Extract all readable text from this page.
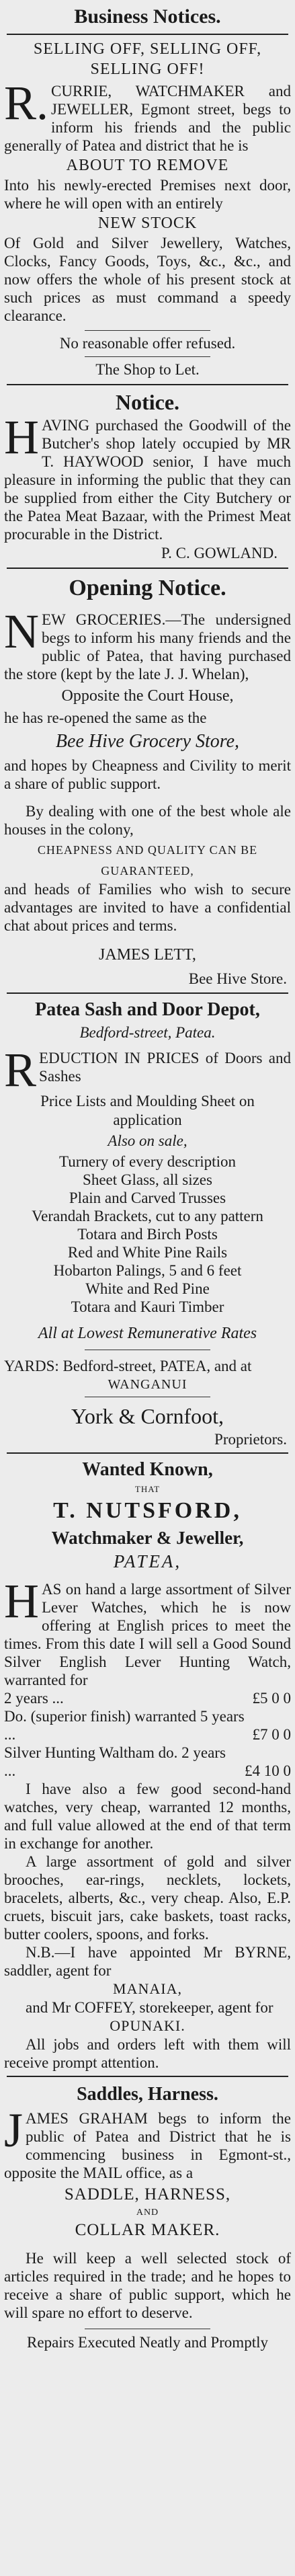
Business Notices.

SELLING OFF, SELLING OFF, SELLING OFF!

R. CURRIE, WATCHMAKER and JEWELLER, Egmont street, begs to inform his friends and the public generally of Patea and district that he is

ABOUT TO REMOVE

Into his newly-erected Premises next door, where he will open with an entirely

NEW STOCK

Of Gold and Silver Jewellery, Watches, Clocks, Fancy Goods, Toys, &c., &c., and now offers the whole of his present stock at such prices as must command a speedy clearance.

No reasonable offer refused.

The Shop to Let.

Notice.

HAVING purchased the Goodwill of the Butcher's shop lately occupied by MR T. HAYWOOD senior, I have much pleasure in informing the public that they can be supplied from either the City Butchery or the Patea Meat Bazaar, with the Primest Meat procurable in the District.

P. C. GOWLAND.

Opening Notice.

NEW GROCERIES.—The undersigned begs to inform his many friends and the public of Patea, that having purchased the store (kept by the late J. J. Whelan),

Opposite the Court House,

he has re-opened the same as the

Bee Hive Grocery Store,

and hopes by Cheapness and Civility to merit a share of public support.

By dealing with one of the best whole ale houses in the colony,

CHEAPNESS AND QUALITY CAN BE

GUARANTEED,

and heads of Families who wish to secure advantages are invited to have a confidential chat about prices and terms.

JAMES LETT,

Bee Hive Store.

Patea Sash and Door Depot,

Bedford-street, Patea.

REDUCTION IN PRICES of Doors and Sashes

Price Lists and Moulding Sheet on application

Also on sale,

Turnery of every description

Sheet Glass, all sizes

Plain and Carved Trusses

Verandah Brackets, cut to any pattern

Totara and Birch Posts

Red and White Pine Rails

Hobarton Palings, 5 and 6 feet

White and Red Pine

Totara and Kauri Timber

All at Lowest Remunerative Rates

YARDS: Bedford-street, PATEA, and at

WANGANUI

York & Cornfoot,

Proprietors.

Wanted Known,

THAT

T. NUTSFORD,

Watchmaker & Jeweller,

PATEA,

HAS on hand a large assortment of Silver Lever Watches, which he is now offering at English prices to meet the times. From this date I will sell a Good Sound Silver English Lever Hunting Watch, warranted for

2 years ...	£5 0 0
Do. (superior finish) warranted 5 years ...	£7 0 0
Silver Hunting Waltham do. 2 years ...	£4 10 0

I have also a few good second-hand watches, very cheap, warranted 12 months, and full value allowed at the end of that term in exchange for another.

A large assortment of gold and silver brooches, ear-rings, necklets, lockets, bracelets, alberts, &c., very cheap. Also, E.P. cruets, biscuit jars, cake baskets, toast racks, butter coolers, spoons, and forks.

N.B.—I have appointed Mr BYRNE, saddler, agent for

MANAIA,

and Mr COFFEY, storekeeper, agent for

OPUNAKI.

All jobs and orders left with them will receive prompt attention.

Saddles, Harness.

JAMES GRAHAM begs to inform the public of Patea and District that he is commencing business in Egmont-st., opposite the MAIL office, as a

SADDLE, HARNESS,

AND

COLLAR MAKER.

He will keep a well selected stock of articles required in the trade; and he hopes to receive a share of public support, which he will spare no effort to deserve.

Repairs Executed Neatly and Promptly
